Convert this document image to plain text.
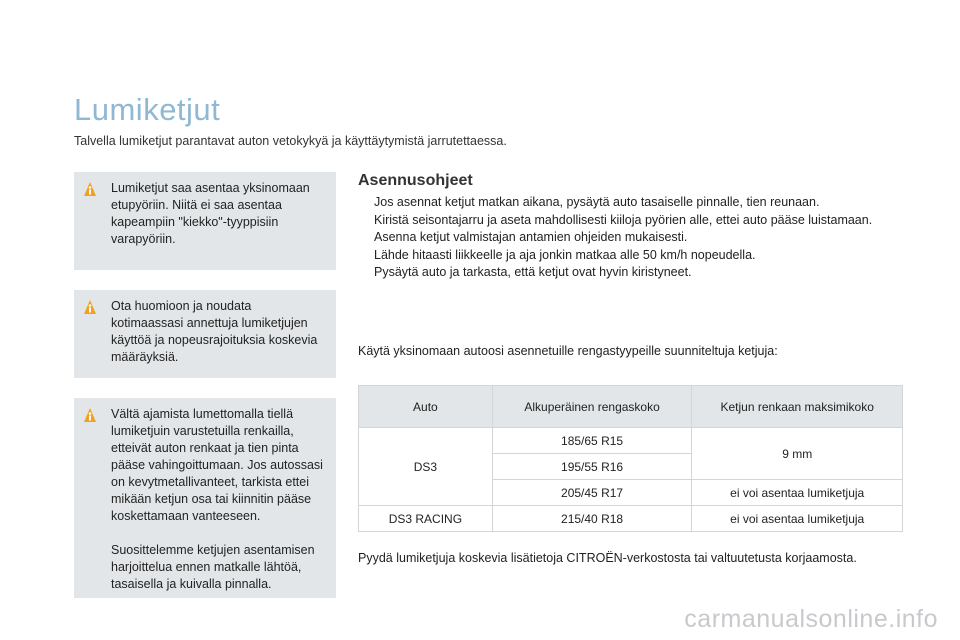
Lumiketjut
Talvella lumiketjut parantavat auton vetokykyä ja käyttäytymistä jarrutettaessa.

Lumiketjut saa asentaa yksinomaan etupyöriin. Niitä ei saa asentaa kapeampiin "kiekko"-tyyppisiin varapyöriin.

Ota huomioon ja noudata kotimaassasi annettuja lumiketjujen käyttöä ja nopeusrajoituksia koskevia määräyksiä.

Vältä ajamista lumettomalla tiellä lumiketjuin varustetuilla renkailla, etteivät auton renkaat ja tien pinta pääse vahingoittumaan. Jos autossasi on kevytmetallivanteet, tarkista ettei mikään ketjun osa tai kiinnitin pääse koskettamaan vanteeseen.

Suosittelemme ketjujen asentamisen harjoittelua ennen matkalle lähtöä, tasaisella ja kuivalla pinnalla.

Asennusohjeet
Jos asennat ketjut matkan aikana, pysäytä auto tasaiselle pinnalle, tien reunaan.
Kiristä seisontajarru ja aseta mahdollisesti kiiloja pyörien alle, ettei auto pääse luistamaan.
Asenna ketjut valmistajan antamien ohjeiden mukaisesti.
Lähde hitaasti liikkeelle ja aja jonkin matkaa alle 50 km/h nopeudella.
Pysäytä auto ja tarkasta, että ketjut ovat hyvin kiristyneet.
Käytä yksinomaan autoosi asennetuille rengastyypeille suunniteltuja ketjuja:
Auto	Alkuperäinen rengaskoko	Ketjun renkaan maksimikoko
DS3	185/65 R15	9 mm
	195/55 R16	
	205/45 R17	ei voi asentaa lumiketjuja
DS3 RACING	215/40 R18	ei voi asentaa lumiketjuja
Pyydä lumiketjuja koskevia lisätietoja CITROËN-verkostosta tai valtuutetusta korjaamosta.
carmanualsonline.info
